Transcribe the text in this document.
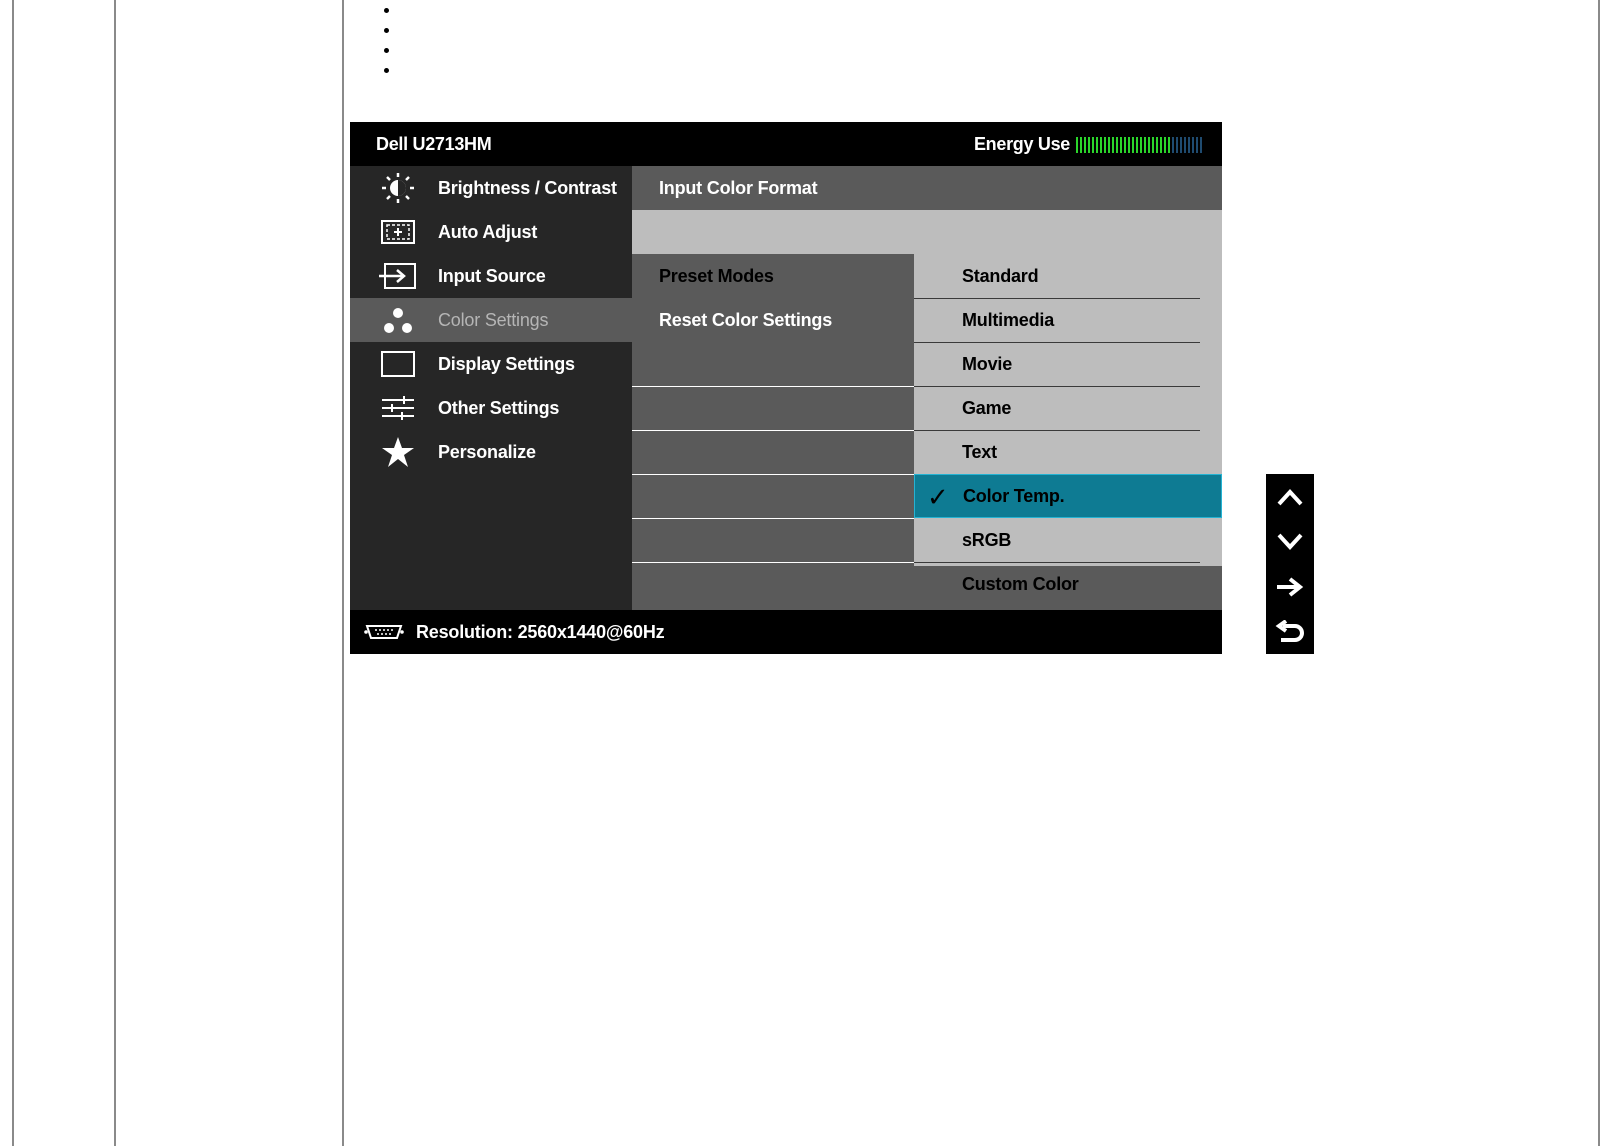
Dell U2713HM	Energy Use
Brightness / Contrast
Auto Adjust
Input Source
Color Settings
Display Settings
Other Settings
Personalize
Input Color Format
Preset Modes
Reset Color Settings
Standard
Multimedia
Movie
Game
Text
✓ Color Temp.
sRGB
Custom Color
Resolution: 2560x1440@60Hz
